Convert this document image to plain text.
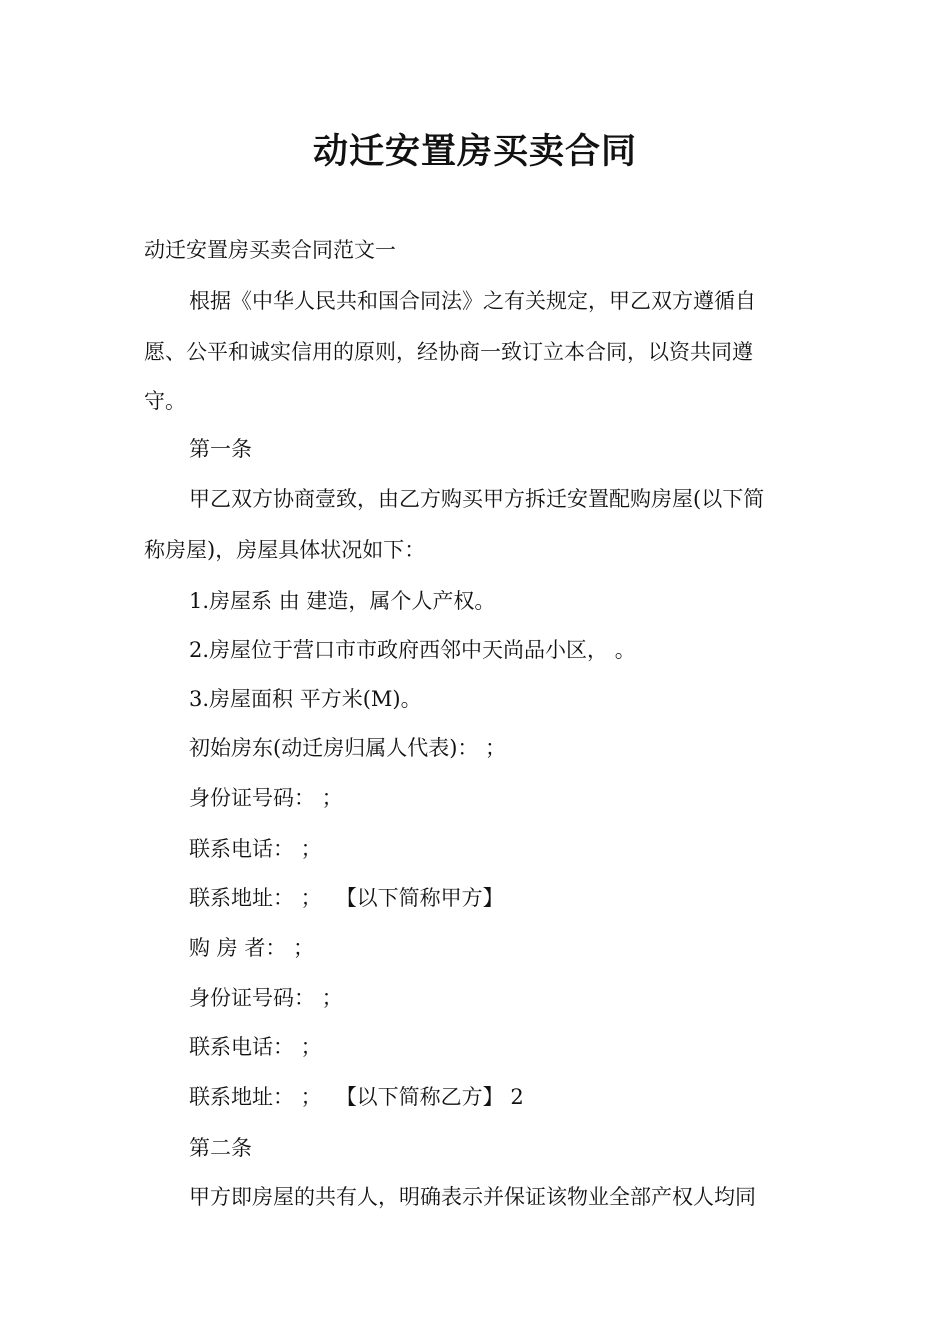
动迁安置房买卖合同
动迁安置房买卖合同范文一
根据《中华人民共和国合同法》之有关规定，甲乙双方遵循自
愿、公平和诚实信用的原则，经协商一致订立本合同，以资共同遵
守。
第一条
甲乙双方协商壹致，由乙方购买甲方拆迁安置配购房屋(以下简
称房屋)，房屋具体状况如下：
1.房屋系 由 建造，属个人产权。
2.房屋位于营口市市政府西邻中天尚品小区， 。
3.房屋面积 平方米(M)。
初始房东(动迁房归属人代表)： ；
身份证号码： ；
联系电话： ；
联系地址： ； 【以下简称甲方】
购 房 者： ；
身份证号码： ；
联系电话： ；
联系地址： ； 【以下简称乙方】 2
第二条
甲方即房屋的共有人，明确表示并保证该物业全部产权人均同
